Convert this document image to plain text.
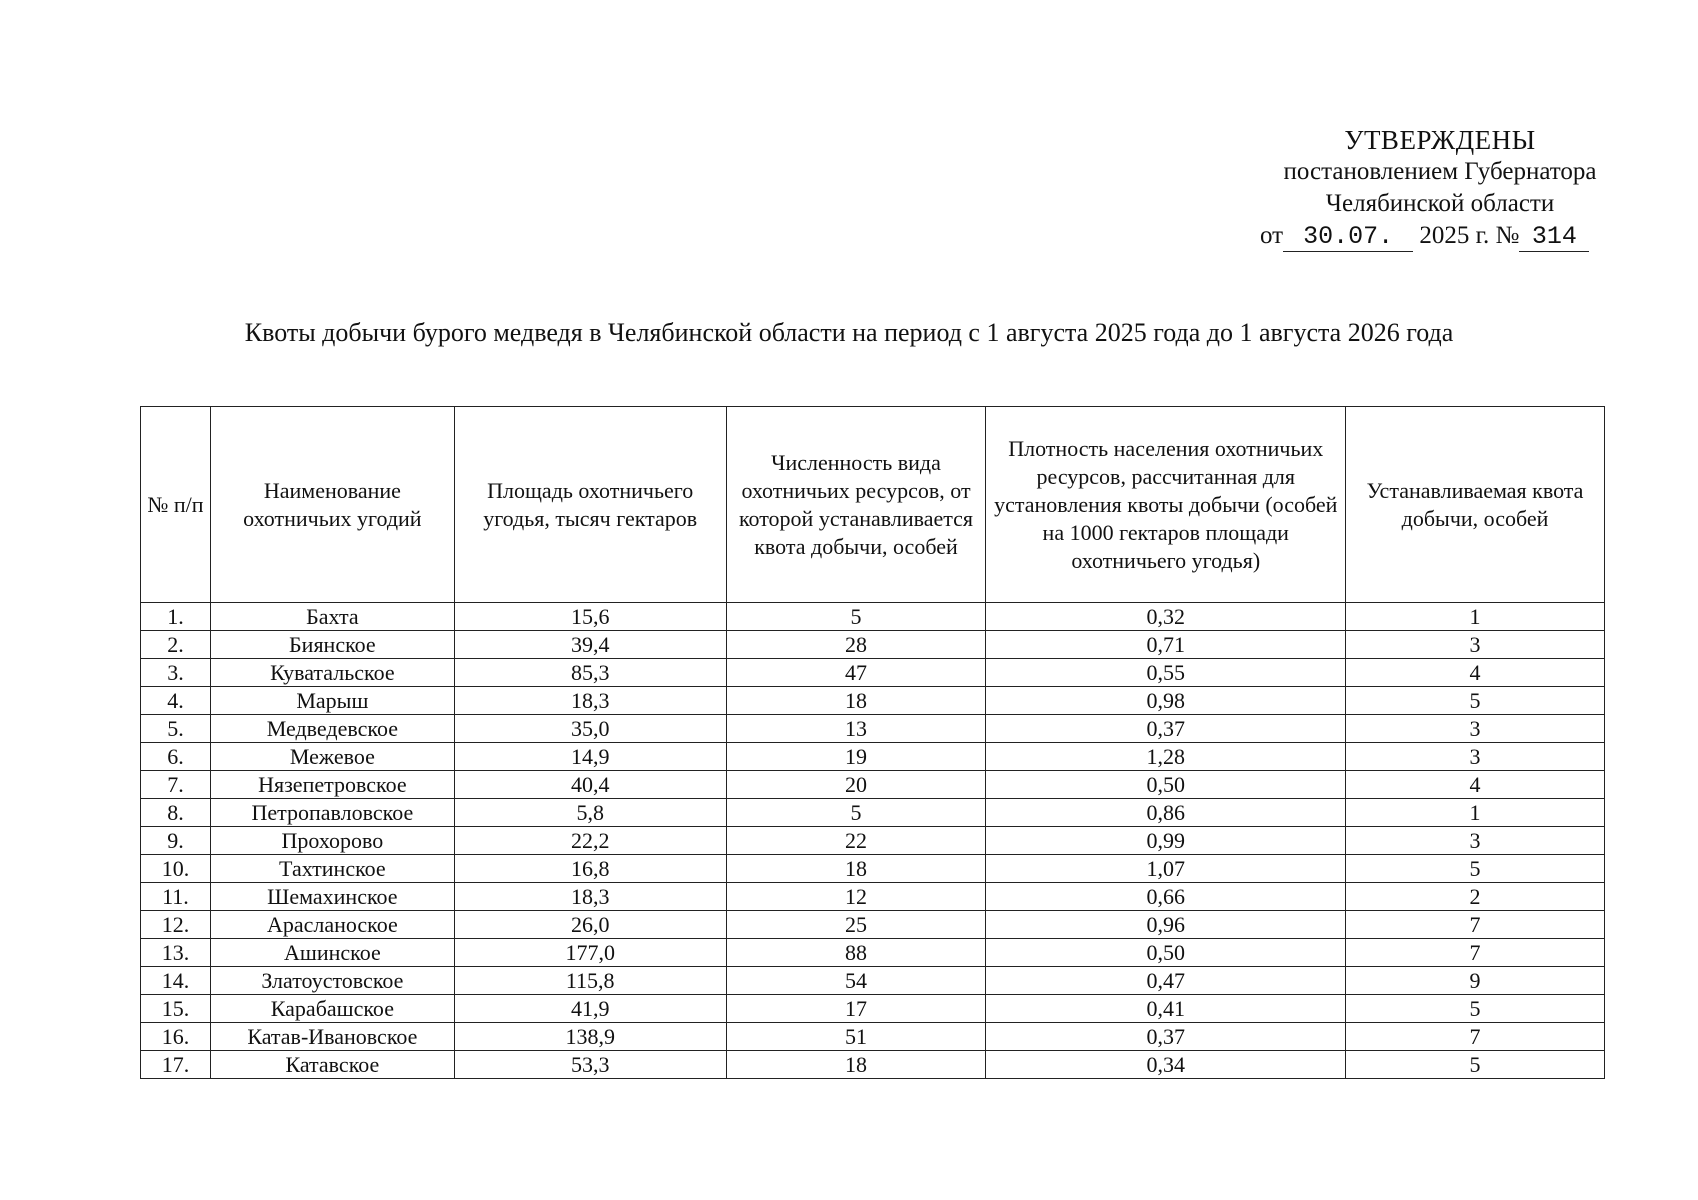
УТВЕРЖДЕНЫ
постановлением Губернатора
Челябинской области
от 30.07. 2025 г. № 314
Квоты добычи бурого медведя в Челябинской области на период с 1 августа 2025 года до 1 августа 2026 года
№ п/п	Наименование охотничьих угодий	Площадь охотничьего угодья, тысяч гектаров	Численность вида охотничьих ресурсов, от которой устанавливается квота добычи, особей	Плотность населения охотничьих ресурсов, рассчитанная для установления квоты добычи (особей на 1000 гектаров площади охотничьего угодья)	Устанавливаемая квота добычи, особей
1.	Бахта	15,6	5	0,32	1
2.	Биянское	39,4	28	0,71	3
3.	Куватальское	85,3	47	0,55	4
4.	Марыш	18,3	18	0,98	5
5.	Медведевское	35,0	13	0,37	3
6.	Межевое	14,9	19	1,28	3
7.	Нязепетровское	40,4	20	0,50	4
8.	Петропавловское	5,8	5	0,86	1
9.	Прохорово	22,2	22	0,99	3
10.	Тахтинское	16,8	18	1,07	5
11.	Шемахинское	18,3	12	0,66	2
12.	Арасланоское	26,0	25	0,96	7
13.	Ашинское	177,0	88	0,50	7
14.	Златоустовское	115,8	54	0,47	9
15.	Карабашское	41,9	17	0,41	5
16.	Катав-Ивановское	138,9	51	0,37	7
17.	Катавское	53,3	18	0,34	5
